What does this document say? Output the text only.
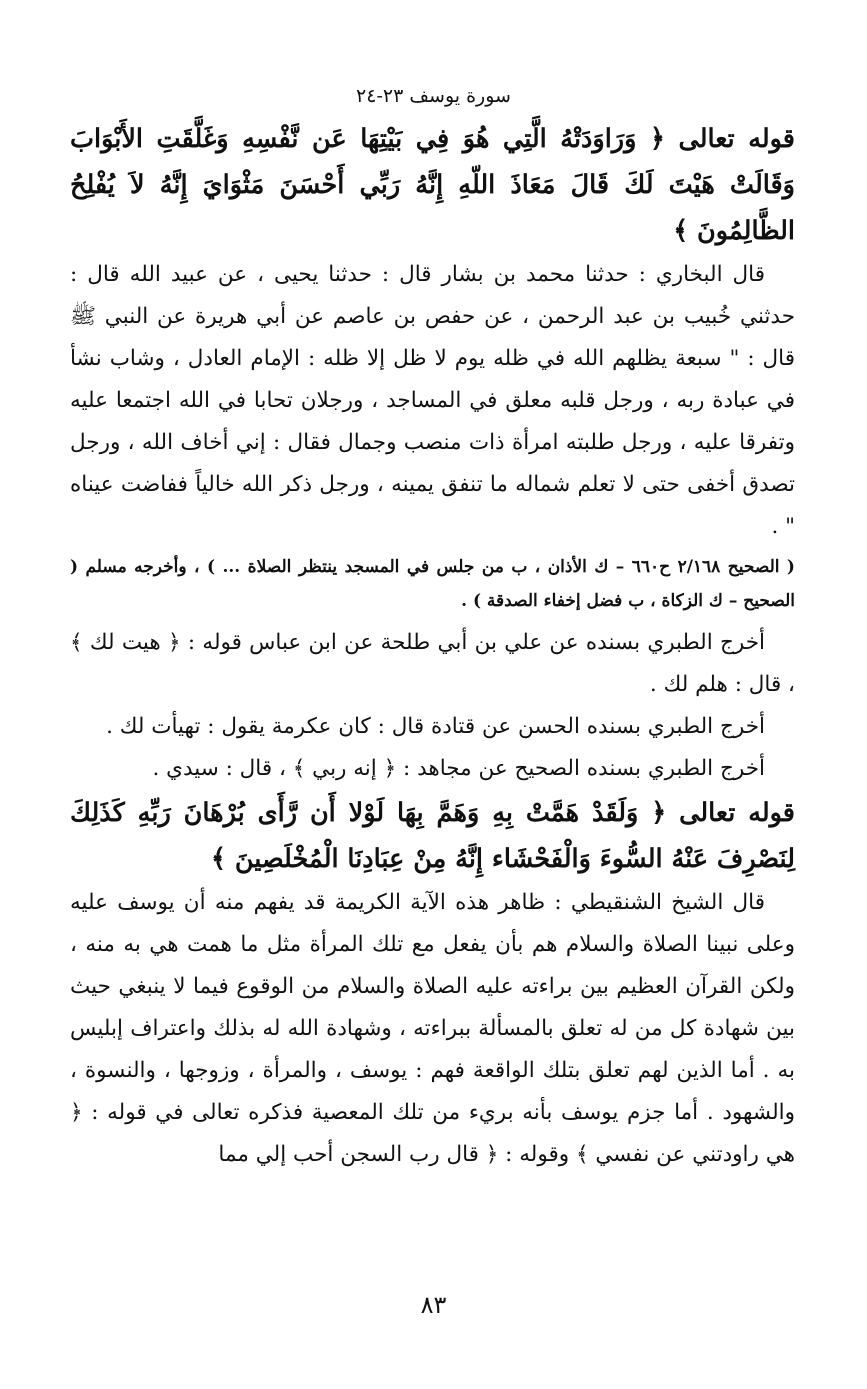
سورة يوسف ٢٣-٢٤

قوله تعالى ﴿ وَرَاوَدَتْهُ الَّتِي هُوَ فِي بَيْتِهَا عَن نَّفْسِهِ وَغَلَّقَتِ الأَبْوَابَ وَقَالَتْ هَيْتَ لَكَ قَالَ مَعَاذَ اللّهِ إِنَّهُ رَبِّي أَحْسَنَ مَثْوَايَ إِنَّهُ لاَ يُفْلِحُ الظَّالِمُونَ ﴾

قال البخاري : حدثنا محمد بن بشار قال : حدثنا يحيى ، عن عبيد الله قال : حدثني خُبيب بن عبد الرحمن ، عن حفص بن عاصم عن أبي هريرة عن النبي ﷺ قال : " سبعة يظلهم الله في ظله يوم لا ظل إلا ظله : الإمام العادل ، وشاب نشأ في عبادة ربه ، ورجل قلبه معلق في المساجد ، ورجلان تحابا في الله اجتمعا عليه وتفرقا عليه ، ورجل طلبته امرأة ذات منصب وجمال فقال : إني أخاف الله ، ورجل تصدق أخفى حتى لا تعلم شماله ما تنفق يمينه ، ورجل ذكر الله خالياً ففاضت عيناه " .

( الصحيح ٢/١٦٨ ح٦٦٠ – ك الأذان ، ب من جلس في المسجد ينتظر الصلاة ... ) ، وأخرجه مسلم ( الصحيح – ك الزكاة ، ب فضل إخفاء الصدقة ) .

أخرج الطبري بسنده عن علي بن أبي طلحة عن ابن عباس قوله : ﴿ هيت لك ﴾ ، قال : هلم لك .

أخرج الطبري بسنده الحسن عن قتادة قال : كان عكرمة يقول : تهيأت لك .

أخرج الطبري بسنده الصحيح عن مجاهد : ﴿ إنه ربي ﴾ ، قال : سيدي .

قوله تعالى ﴿ وَلَقَدْ هَمَّتْ بِهِ وَهَمَّ بِهَا لَوْلا أَن رَّأَى بُرْهَانَ رَبِّهِ كَذَلِكَ لِنَصْرِفَ عَنْهُ السُّوءَ وَالْفَحْشَاء إِنَّهُ مِنْ عِبَادِنَا الْمُخْلَصِينَ ﴾

قال الشيخ الشنقيطي : ظاهر هذه الآية الكريمة قد يفهم منه أن يوسف عليه وعلى نبينا الصلاة والسلام هم بأن يفعل مع تلك المرأة مثل ما همت هي به منه ، ولكن القرآن العظيم بين براءته عليه الصلاة والسلام من الوقوع فيما لا ينبغي حيث بين شهادة كل من له تعلق بالمسألة ببراءته ، وشهادة الله له بذلك واعتراف إبليس به . أما الذين لهم تعلق بتلك الواقعة فهم : يوسف ، والمرأة ، وزوجها ، والنسوة ، والشهود . أما جزم يوسف بأنه بريء من تلك المعصية فذكره تعالى في قوله : ﴿ هي راودتني عن نفسي ﴾ وقوله : ﴿ قال رب السجن أحب إلي مما

٨٣
